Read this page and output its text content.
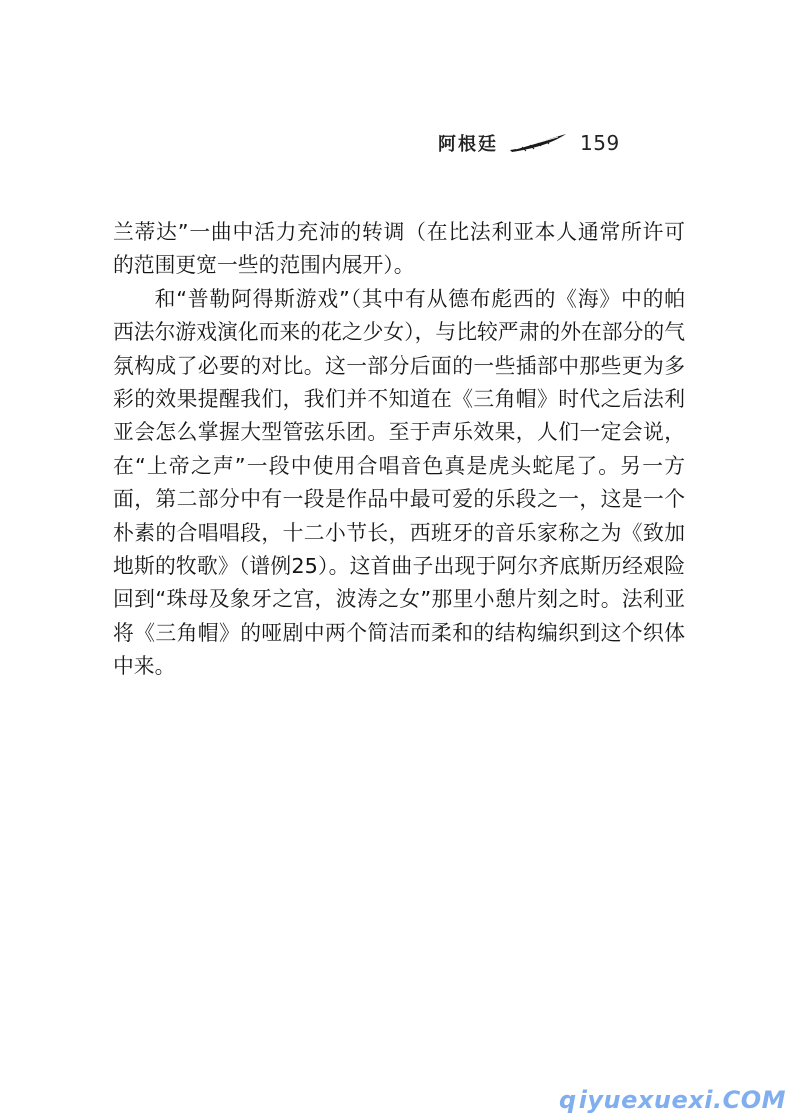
阿根廷	159

兰蒂达”一曲中活力充沛的转调（在比法利亚本人通常所许可的范围更宽一些的范围内展开）。

和“普勒阿得斯游戏”（其中有从德布彪西的《海》中的帕西法尔游戏演化而来的花之少女），与比较严肃的外在部分的气氛构成了必要的对比。这一部分后面的一些插部中那些更为多彩的效果提醒我们，我们并不知道在《三角帽》时代之后法利亚会怎么掌握大型管弦乐团。至于声乐效果，人们一定会说，在“上帝之声”一段中使用合唱音色真是虎头蛇尾了。另一方面，第二部分中有一段是作品中最可爱的乐段之一，这是一个朴素的合唱唱段，十二小节长，西班牙的音乐家称之为《致加地斯的牧歌》（谱例25）。这首曲子出现于阿尔齐底斯历经艰险回到“珠母及象牙之宫，波涛之女”那里小憩片刻之时。法利亚将《三角帽》的哑剧中两个简洁而柔和的结构编织到这个织体中来。

q iyuexuexi.COM
